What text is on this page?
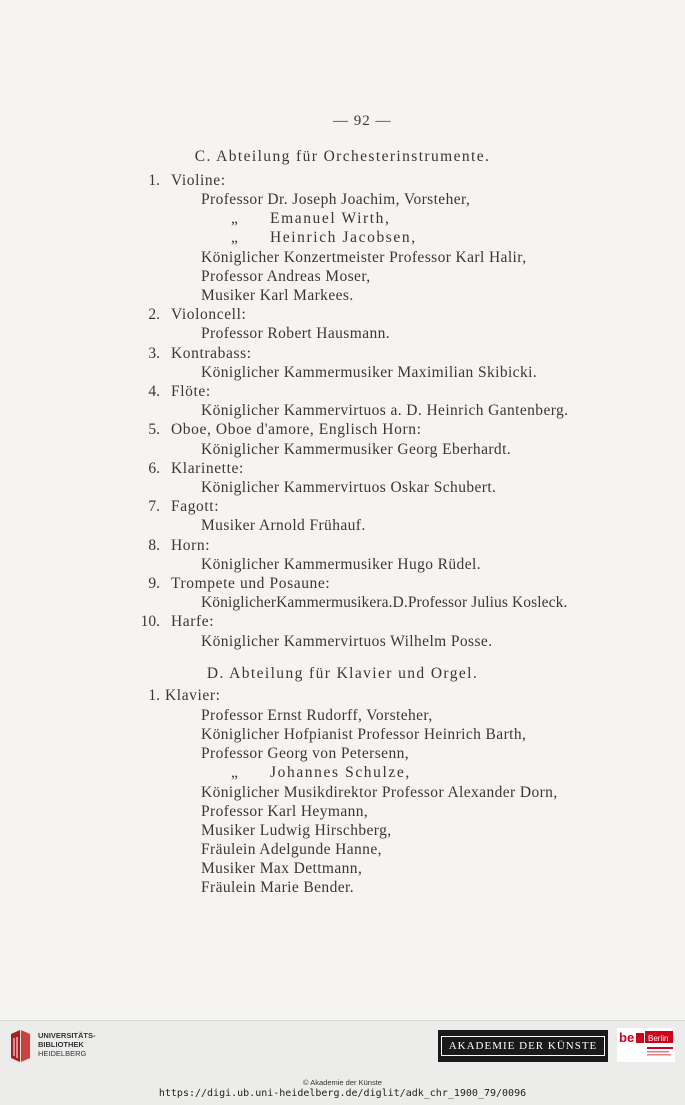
— 92 —
C. Abteilung für Orchesterinstrumente.
1. Violine:
Professor Dr. Joseph Joachim, Vorsteher,
„ Emanuel Wirth,
„ Heinrich Jacobsen,
Königlicher Konzertmeister Professor Karl Halir,
Professor Andreas Moser,
Musiker Karl Markees.
2. Violoncell:
Professor Robert Hausmann.
3. Kontrabass:
Königlicher Kammermusiker Maximilian Skibicki.
4. Flöte:
Königlicher Kammervirtuos a. D. Heinrich Gantenberg.
5. Oboe, Oboe d'amore, Englisch Horn:
Königlicher Kammermusiker Georg Eberhardt.
6. Klarinette:
Königlicher Kammervirtuos Oskar Schubert.
7. Fagott:
Musiker Arnold Frühauf.
8. Horn:
Königlicher Kammermusiker Hugo Rüdel.
9. Trompete und Posaune:
KöniglicherKammermusikera.D.Professor Julius Kosleck.
10. Harfe:
Königlicher Kammervirtuos Wilhelm Posse.
D. Abteilung für Klavier und Orgel.
1. Klavier:
Professor Ernst Rudorff, Vorsteher,
Königlicher Hofpianist Professor Heinrich Barth,
Professor Georg von Petersenn,
„ Johannes Schulze,
Königlicher Musikdirektor Professor Alexander Dorn,
Professor Karl Heymann,
Musiker Ludwig Hirschberg,
Fräulein Adelgunde Hanne,
Musiker Max Dettmann,
Fräulein Marie Bender.
UNIVERSITÄTS-
BIBLIOTHEK
HEIDELBERG
AKADEMIE DER KÜNSTE
be Berlin
© Akademie der Künste
https://digi.ub.uni-heidelberg.de/diglit/adk_chr_1900_79/0096
